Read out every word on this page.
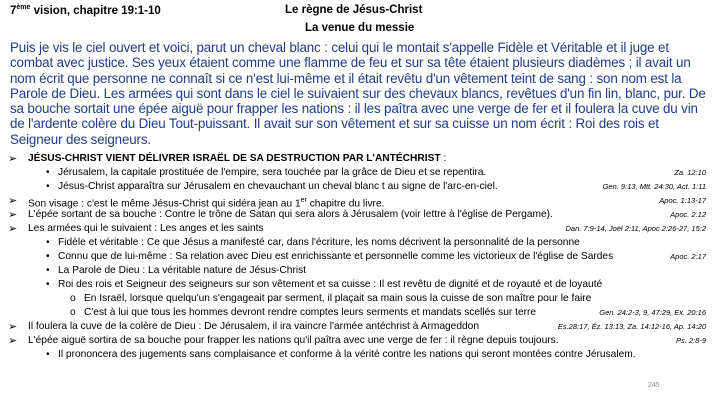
7ème vision, chapitre 19:1-10	Le règne de Jésus-Christ
La venue du messie
Puis je vis le ciel ouvert et voici, parut un cheval blanc : celui qui le montait s'appelle Fidèle et Véritable et il juge et combat avec justice. Ses yeux étaient comme une flamme de feu et sur sa tête étaient plusieurs diadèmes ; il avait un nom écrit que personne ne connaît si ce n'est lui-même et il était revêtu d'un vêtement teint de sang : son nom est la Parole de Dieu. Les armées qui sont dans le ciel le suivaient sur des chevaux blancs, revêtues d'un fin lin, blanc, pur. De sa bouche sortait une épée aiguë pour frapper les nations : il les paîtra avec une verge de fer et il foulera la cuve du vin de l'ardente colère du Dieu Tout-puissant. Il avait sur son vêtement et sur sa cuisse un nom écrit : Roi des rois et Seigneur des seigneurs.
➢ JÉSUS-CHRIST VIENT DÉLIVRER ISRAËL DE SA DESTRUCTION PAR L'ANTÉCHRIST :
• Jérusalem, la capitale prostituée de l'empire, sera touchée par la grâce de Dieu et se repentira.	Za. 12:10
• Jésus-Christ apparaîtra sur Jérusalem en chevauchant un cheval blanc t au signe de l'arc-en-ciel.	Gen. 9:13, Mtt. 24:30, Act. 1:11
➢ Son visage : c'est le même Jésus-Christ qui sidéra jean au 1er chapitre du livre.	Apoc. 1:13-17
➢ L'épée sortant de sa bouche : Contre le trône de Satan qui sera alors à Jérusalem (voir lettre à l'église de Pergame).	Apoc. 2.12
➢ Les armées qui le suivaient : Les anges et les saints	Dan. 7:9-14, Joël 2:11, Apoc 2:26-27, 15:2
• Fidèle et véritable : Ce que Jésus a manifesté car, dans l'écriture, les noms décrivent la personnalité de la personne
• Connu que de lui-même : Sa relation avec Dieu est enrichissante et personnelle comme les victorieux de l'église de Sardes	Apoc. 2:17
• La Parole de Dieu : La véritable nature de Jésus-Christ
• Roi des rois et Seigneur des seigneurs sur son vêtement et sa cuisse : Il est revêtu de dignité et de royauté et de loyauté
o En Israël, lorsque quelqu'un s'engageait par serment, il plaçait sa main sous la cuisse de son maître pour le faire
o C'est à lui que tous les hommes devront rendre comptes leurs serments et mandats scellés sur terre	Gen. 24:2-3, 9, 47:29, Ex. 20:16
➢ Il foulera la cuve de la colère de Dieu : De Jérusalem, il ira vaincre l'armée antéchrist à Armageddon	Es.28:17, Éz. 13:13, Za. 14:12-16, Ap. 14:20
➢ L'épée aiguë sortira de sa bouche pour frapper les nations qu'il paîtra avec une verge de fer : il règne depuis toujours.	Ps. 2:8-9
• Il prononcera des jugements sans complaisance et conforme à la vérité contre les nations qui seront montées contre Jérusalem.
245
